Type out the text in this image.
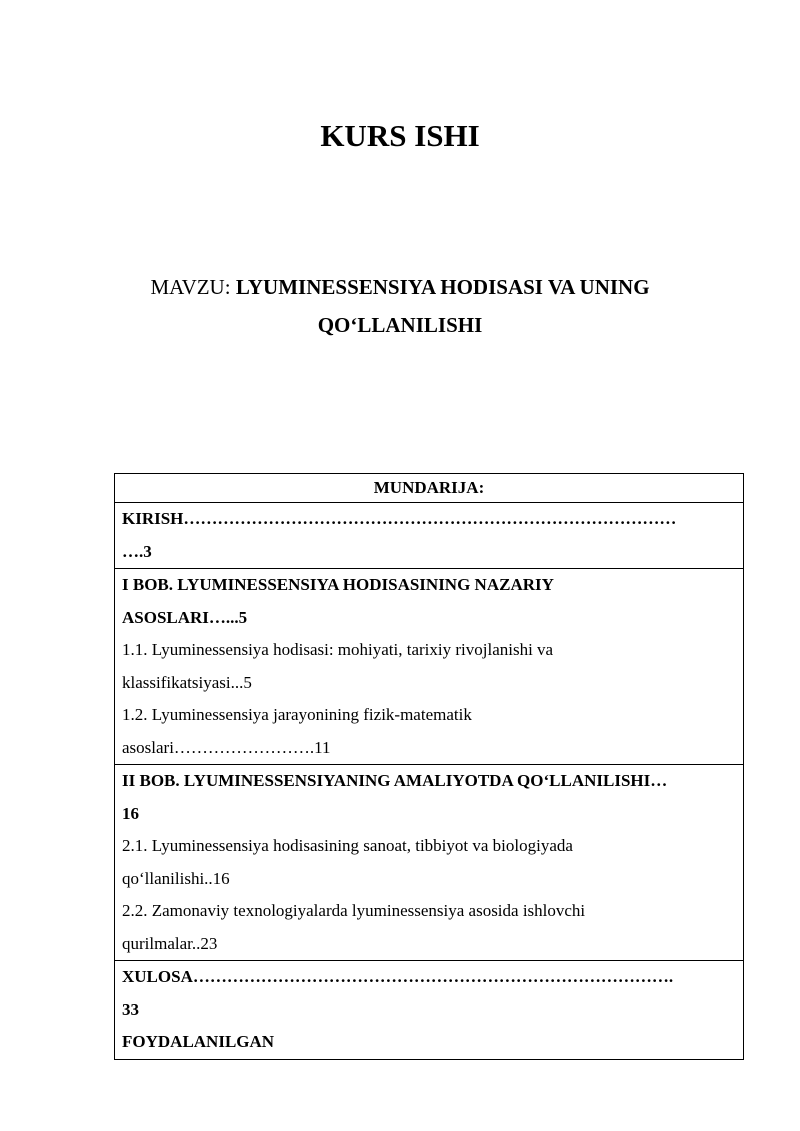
KURS ISHI
MAVZU: LYUMINESSENSIYA HODISASI VA UNING
QO‘LLANILISHI
MUNDARIJA:
KIRISH……………………………………………………………………………
….3
I BOB. LYUMINESSENSIYA HODISASINING NAZARIY
ASOSLARI…...5
1.1. Lyuminessensiya hodisasi: mohiyati, tarixiy rivojlanishi va
klassifikatsiyasi...5
1.2. Lyuminessensiya jarayonining fizik-matematik
asoslari…………………….11
II BOB. LYUMINESSENSIYANING AMALIYOTDA QO‘LLANILISHI…
16
2.1. Lyuminessensiya hodisasining sanoat, tibbiyot va biologiyada
qo‘llanilishi..16
2.2. Zamonaviy texnologiyalarda lyuminessensiya asosida ishlovchi
qurilmalar..23
XULOSA………………………………………………………………………….
33
FOYDALANILGAN
